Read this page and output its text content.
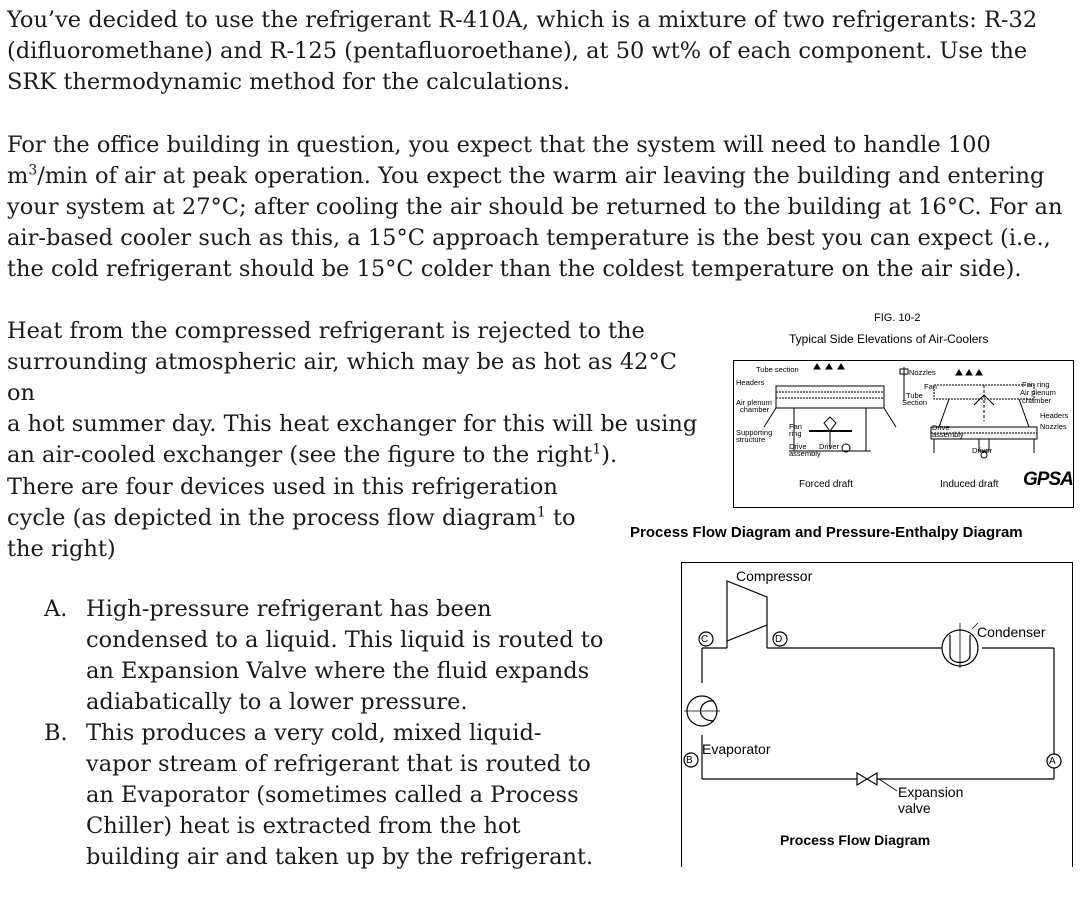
You’ve decided to use the refrigerant R-410A, which is a mixture of two refrigerants: R-32
(difluoromethane) and R-125 (pentafluoroethane), at 50 wt% of each component. Use the
SRK thermodynamic method for the calculations.
For the office building in question, you expect that the system will need to handle 100
$m^3/\min$ of air at peak operation. You expect the warm air leaving the building and entering
your system at 27°C; after cooling the air should be returned to the building at 16°C. For an
air-based cooler such as this, a 15°C approach temperature is the best you can expect (i.e.,
the cold refrigerant should be 15°C colder than the coldest temperature on the air side).
Heat from the compressed refrigerant is rejected to the
surrounding atmospheric air, which may be as hot as 42°C on
a hot summer day. This heat exchanger for this will be using
an air-cooled exchanger (see the figure to the right$^1$).
There are four devices used in this refrigeration
cycle (as depicted in the process flow diagram$^1$ to
the right)
A. High-pressure refrigerant has been
condensed to a liquid. This liquid is routed to
an Expansion Valve where the fluid expands
adiabatically to a lower pressure.
B. This produces a very cold, mixed liquid-
vapor stream of refrigerant that is routed to
an Evaporator (sometimes called a Process
Chiller) heat is extracted from the hot
building air and taken up by the refrigerant.
FIG. 10-2
Typical Side Elevations of Air-Coolers
Tube section
Headers
Air plenum
chamber
Supporting
structure
Fan
ring
Drive Driver
assembly
Nozzles
Fan
Tube
Section
Fan ring
Air plenum
chamber
Headers
Nozzles
Drive
assembly
Driver
Forced draft	Induced draft GPSA
Process Flow Diagram and Pressure-Enthalpy Diagram
Compressor
Condenser
Evaporator
Expansion
valve
Process Flow Diagram
C	D
B	A
